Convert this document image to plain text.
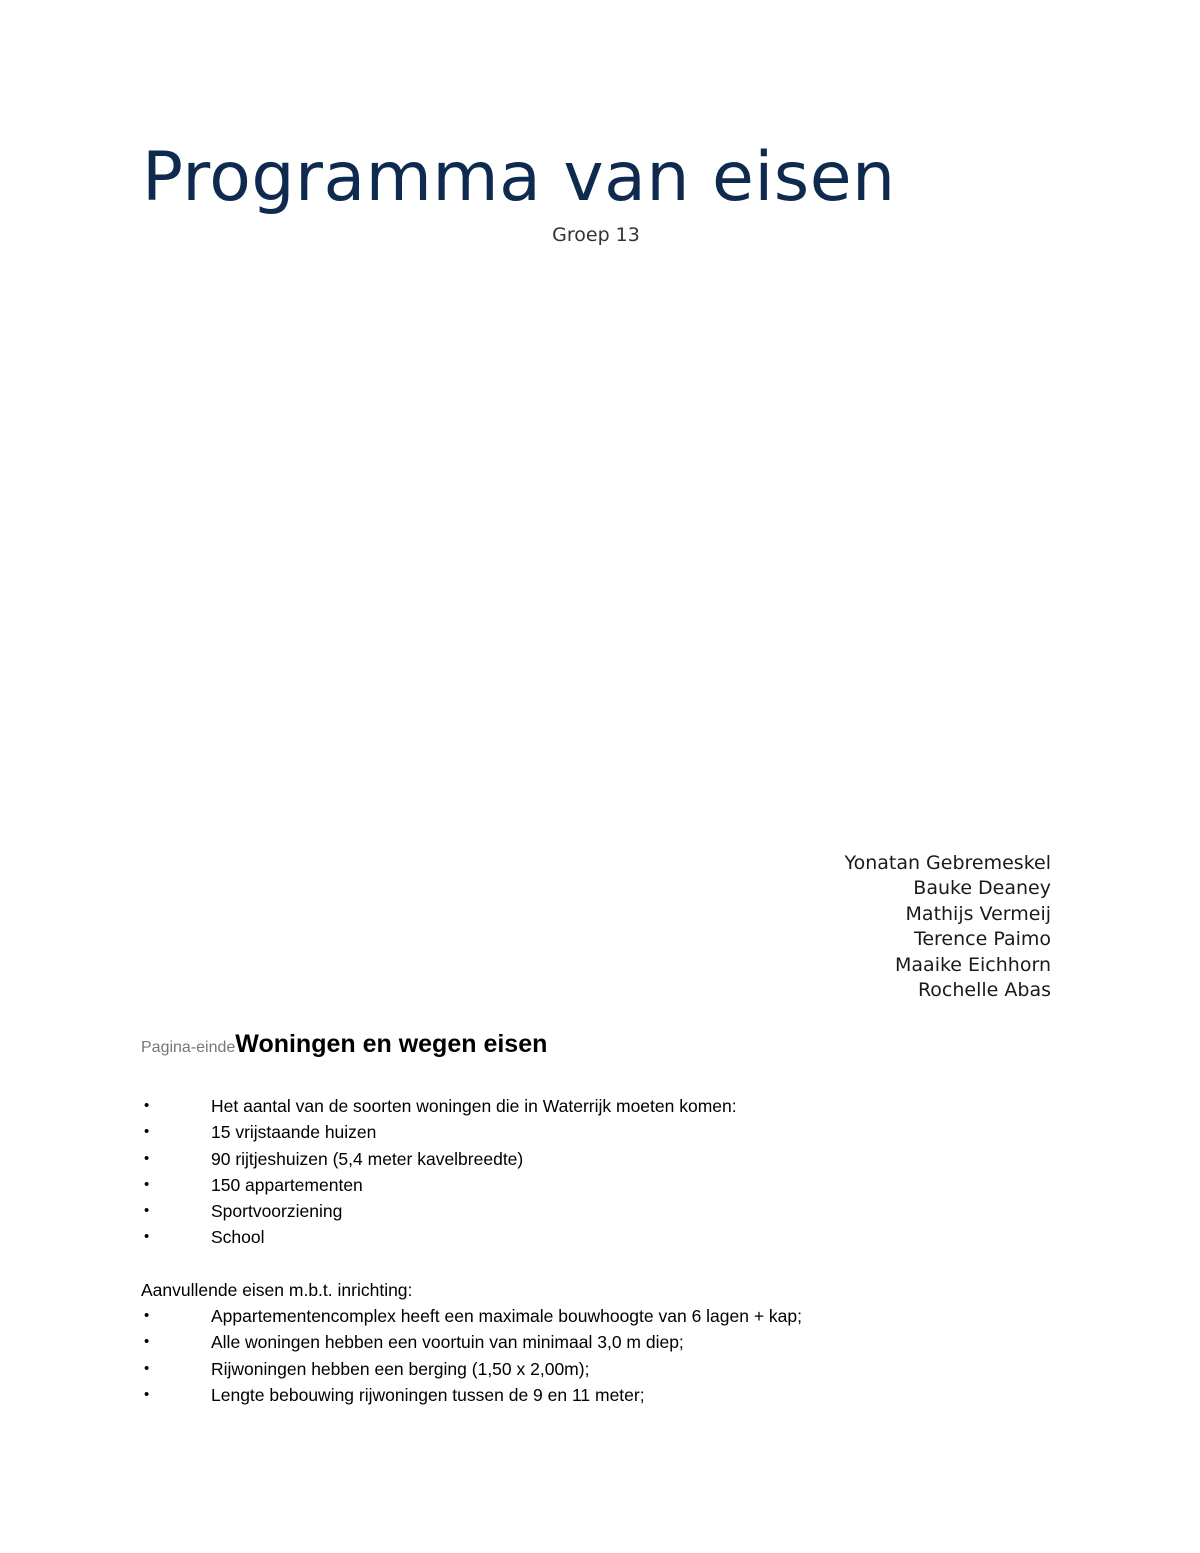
Programma van eisen
Groep 13
Yonatan Gebremeskel
Bauke Deaney
Mathijs Vermeij
Terence Paimo
Maaike Eichhorn
Rochelle Abas
Pagina-eindeWoningen en wegen eisen
•	Het aantal van de soorten woningen die in Waterrijk moeten komen:
•	15 vrijstaande huizen
•	90 rijtjeshuizen (5,4 meter kavelbreedte)
•	150 appartementen
•	Sportvoorziening
•	School
Aanvullende eisen m.b.t. inrichting:
•	Appartementencomplex heeft een maximale bouwhoogte van 6 lagen + kap;
•	Alle woningen hebben een voortuin van minimaal 3,0 m diep;
•	Rijwoningen hebben een berging (1,50 x 2,00m);
•	Lengte bebouwing rijwoningen tussen de 9 en 11 meter;
